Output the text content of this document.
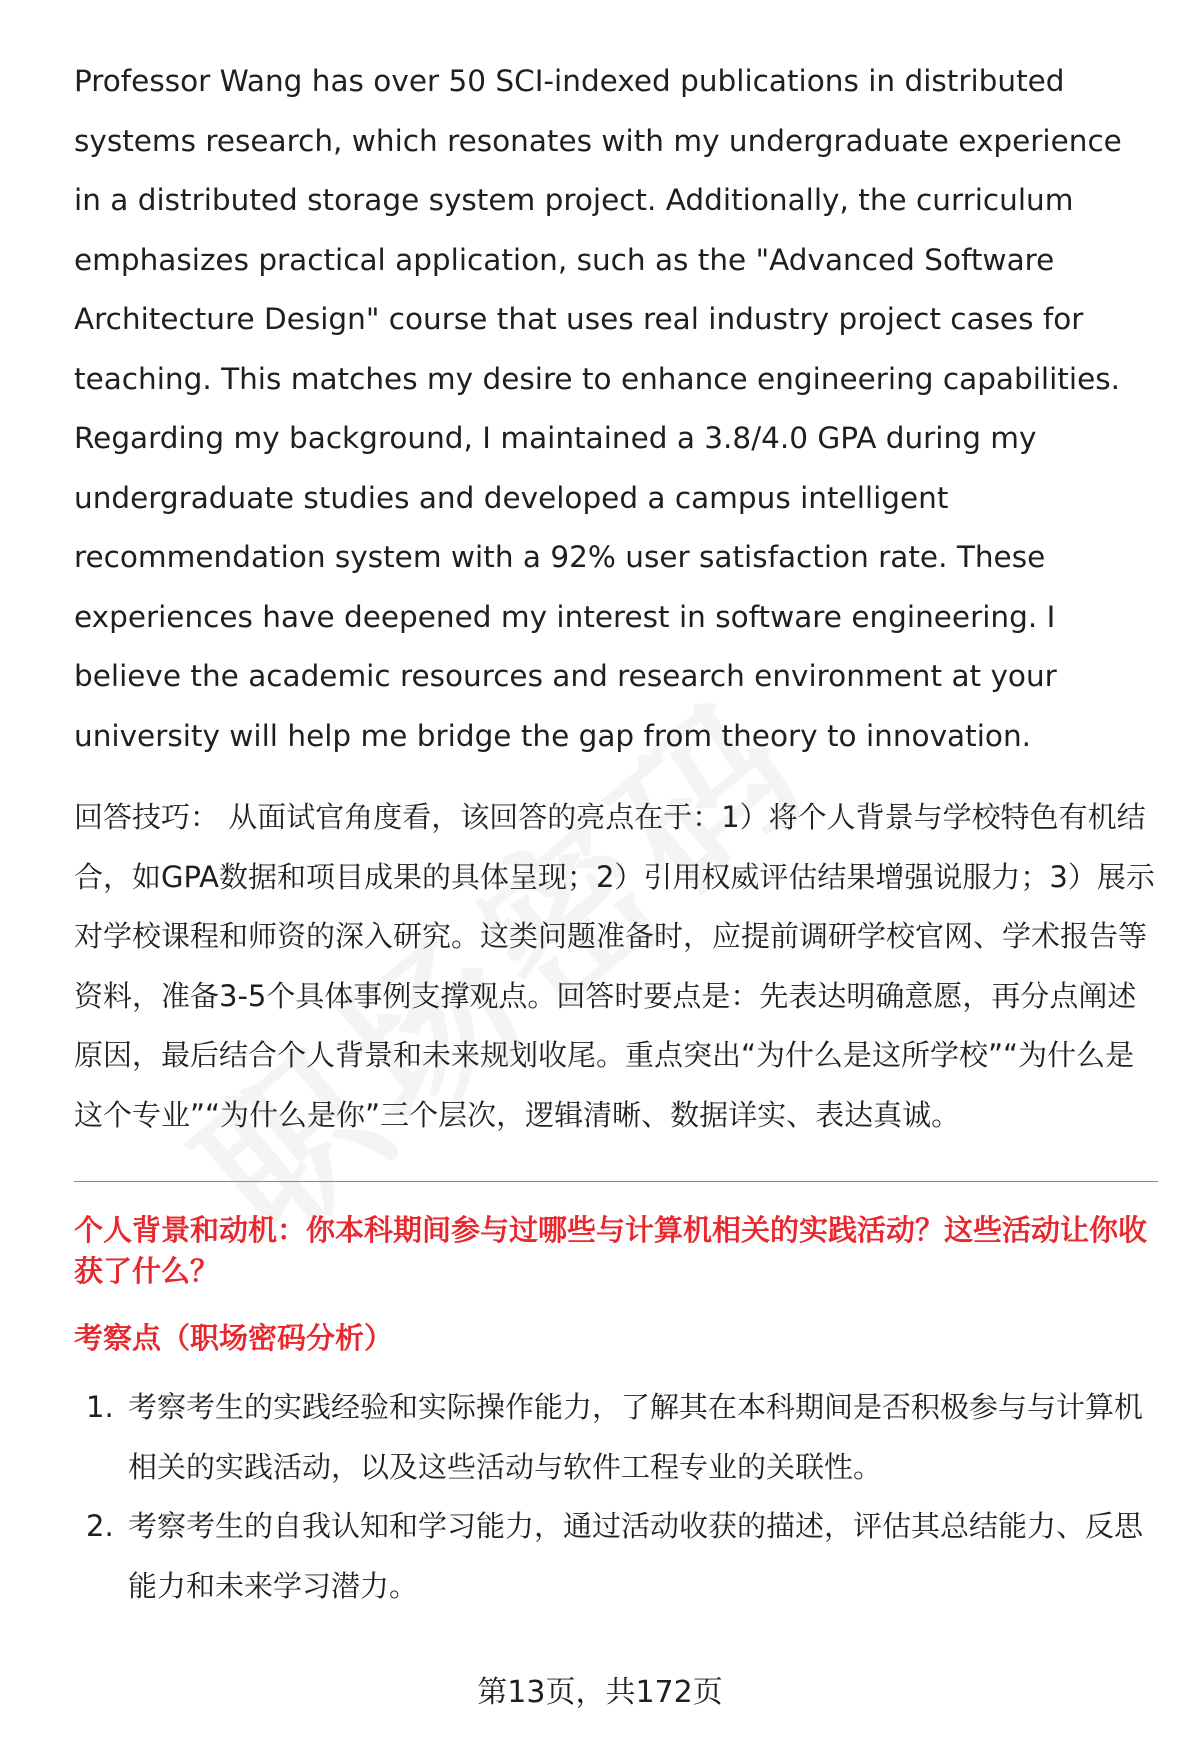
Professor Wang has over 50 SCI-indexed publications in distributed systems research, which resonates with my undergraduate experience in a distributed storage system project. Additionally, the curriculum emphasizes practical application, such as the "Advanced Software Architecture Design" course that uses real industry project cases for teaching. This matches my desire to enhance engineering capabilities. Regarding my background, I maintained a 3.8/4.0 GPA during my undergraduate studies and developed a campus intelligent recommendation system with a 92% user satisfaction rate. These experiences have deepened my interest in software engineering. I believe the academic resources and research environment at your university will help me bridge the gap from theory to innovation.

回答技巧： 从面试官角度看，该回答的亮点在于：1）将个人背景与学校特色有机结合，如GPA数据和项目成果的具体呈现；2）引用权威评估结果增强说服力；3）展示对学校课程和师资的深入研究。这类问题准备时，应提前调研学校官网、学术报告等资料，准备3-5个具体事例支撑观点。回答时要点是：先表达明确意愿，再分点阐述原因，最后结合个人背景和未来规划收尾。重点突出“为什么是这所学校”“为什么是这个专业”“为什么是你”三个层次，逻辑清晰、数据详实、表达真诚。

个人背景和动机：你本科期间参与过哪些与计算机相关的实践活动？这些活动让你收获了什么？

考察点（职场密码分析）

1. 考察考生的实践经验和实际操作能力，了解其在本科期间是否积极参与与计算机相关的实践活动，以及这些活动与软件工程专业的关联性。
2. 考察考生的自我认知和学习能力，通过活动收获的描述，评估其总结能力、反思能力和未来学习潜力。
第13页，共172页
